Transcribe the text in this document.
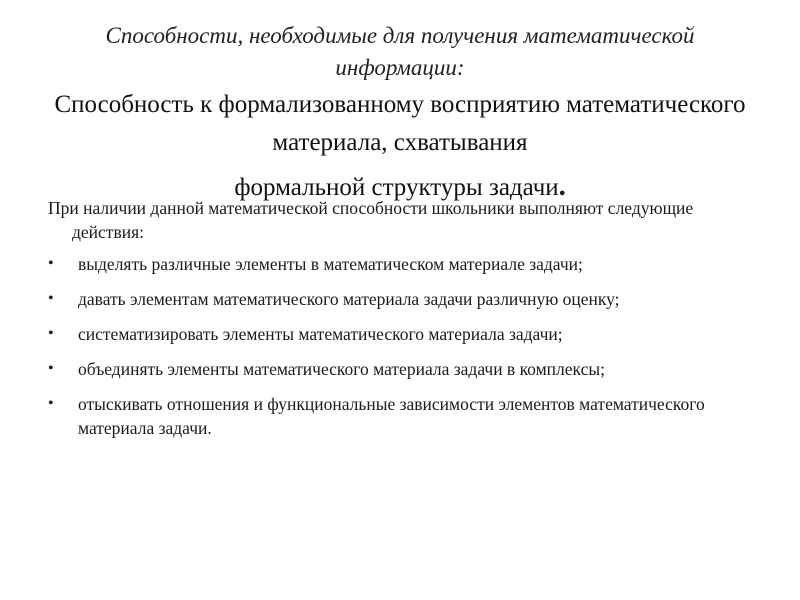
Способности, необходимые для получения математической информации:

Способность к формализованному восприятию математического материала, схватывания

формальной структуры задачи.

При наличии данной математической способности школьники выполняют следующие действия:

•	выделять различные элементы в математическом материале задачи;
•	давать элементам математического материала задачи различную оценку;
•	систематизировать элементы математического материала задачи;
•	объединять элементы математического материала задачи в комплексы;
•	отыскивать отношения и функциональные зависимости элементов математического материала задачи.
